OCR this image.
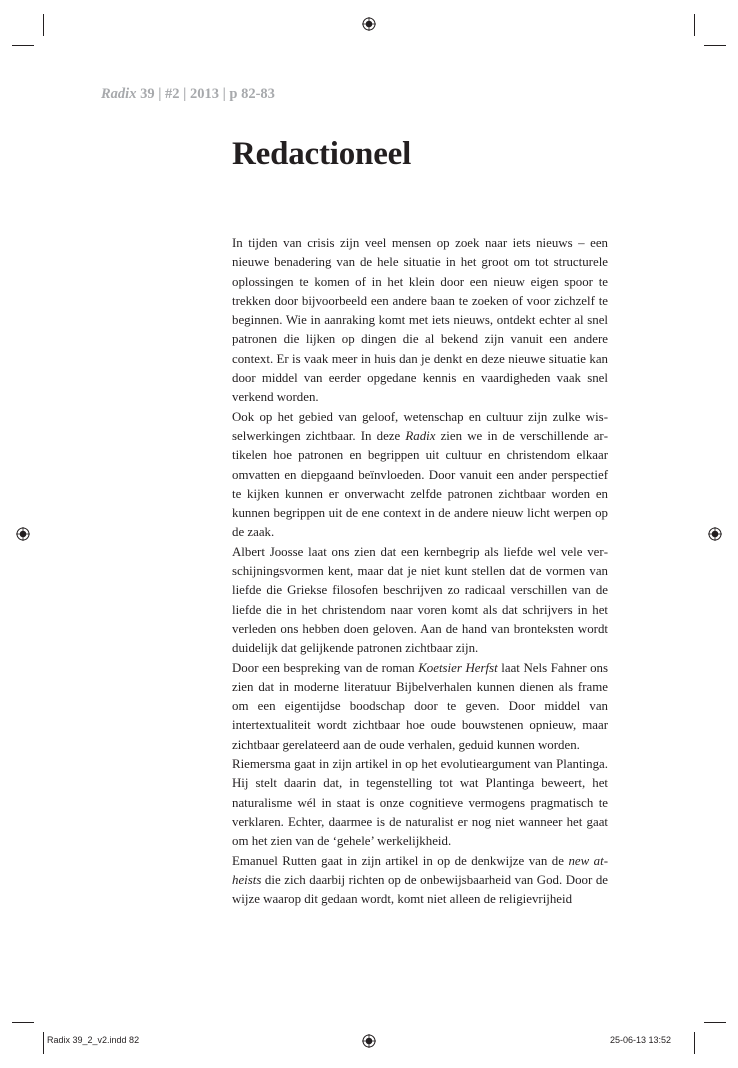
Radix 39 | #2 | 2013 | p 82-83
Redactioneel

In tijden van crisis zijn veel mensen op zoek naar iets nieuws – een nieuwe benadering van de hele situatie in het groot om tot structurele oplossingen te komen of in het klein door een nieuw eigen spoor te trekken door bijvoorbeeld een andere baan te zoeken of voor zichzelf te beginnen. Wie in aanraking komt met iets nieuws, ontdekt echter al snel patronen die lijken op dingen die al bekend zijn vanuit een andere context. Er is vaak meer in huis dan je denkt en deze nieuwe situatie kan door middel van eerder opgedane kennis en vaardigheden vaak snel verkend worden.

Ook op het gebied van geloof, wetenschap en cultuur zijn zulke wisselwerkingen zichtbaar. In deze Radix zien we in de verschillende artikelen hoe patronen en begrippen uit cultuur en christendom elkaar omvatten en diepgaand beïnvloeden. Door vanuit een ander perspectief te kijken kunnen er onverwacht zelfde patronen zichtbaar worden en kunnen begrippen uit de ene context in de andere nieuw licht werpen op de zaak.

Albert Joosse laat ons zien dat een kernbegrip als liefde wel vele verschijningsvormen kent, maar dat je niet kunt stellen dat de vormen van liefde die Griekse filosofen beschrijven zo radicaal verschillen van de liefde die in het christendom naar voren komt als dat schrijvers in het verleden ons hebben doen geloven. Aan de hand van bronteksten wordt duidelijk dat gelijkende patronen zichtbaar zijn.

Door een bespreking van de roman Koetsier Herfst laat Nels Fahner ons zien dat in moderne literatuur Bijbelverhalen kunnen dienen als frame om een eigentijdse boodschap door te geven. Door middel van intertextualiteit wordt zichtbaar hoe oude bouwstenen opnieuw, maar zichtbaar gerelateerd aan de oude verhalen, geduid kunnen worden.

Riemersma gaat in zijn artikel in op het evolutieargument van Plantinga. Hij stelt daarin dat, in tegenstelling tot wat Plantinga beweert, het naturalisme wél in staat is onze cognitieve vermogens pragmatisch te verklaren. Echter, daarmee is de naturalist er nog niet wanneer het gaat om het zien van de ‘gehele’ werkelijkheid.

Emanuel Rutten gaat in zijn artikel in op de denkwijze van de new atheists die zich daarbij richten op de onbewijsbaarheid van God. Door de wijze waarop dit gedaan wordt, komt niet alleen de religievrijheid

Radix 39_2_v2.indd 82	25-06-13 13:52
